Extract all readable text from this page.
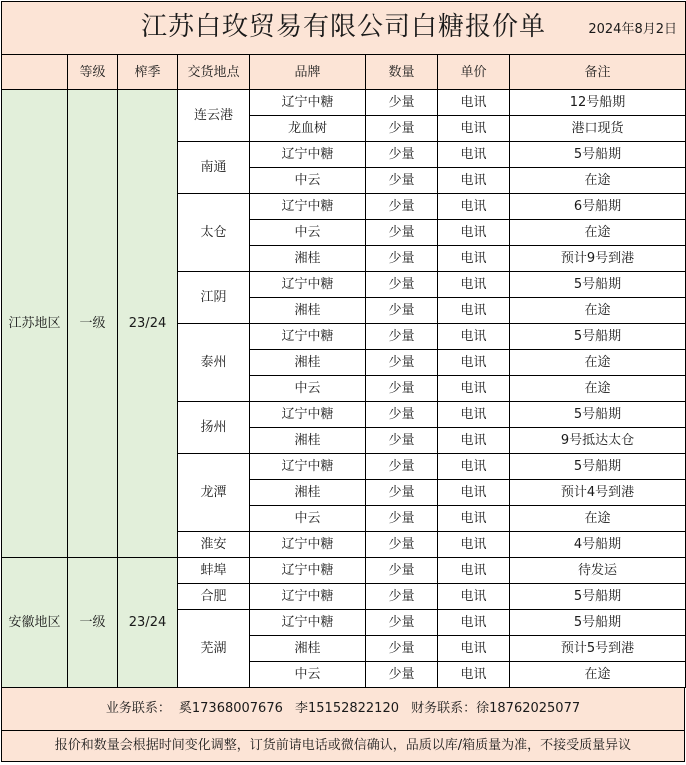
江苏白玫贸易有限公司白糖报价单 2024年8月2日							

	等级	榨季	交货地点	品牌	数量	单价	备注
江苏地区	一级	23/24	连云港	辽宁中糖	少量	电讯	12号船期
				龙血树	少量	电讯	港口现货
			南通	辽宁中糖	少量	电讯	5号船期
				中云	少量	电讯	在途
			太仓	辽宁中糖	少量	电讯	6号船期
				中云	少量	电讯	在途
				湘桂	少量	电讯	预计9号到港
			江阴	辽宁中糖	少量	电讯	5号船期
				湘桂	少量	电讯	在途
			泰州	辽宁中糖	少量	电讯	5号船期
				湘桂	少量	电讯	在途
				中云	少量	电讯	在途
			扬州	辽宁中糖	少量	电讯	5号船期
				湘桂	少量	电讯	9号抵达太仓
			龙潭	辽宁中糖	少量	电讯	5号船期
				湘桂	少量	电讯	预计4号到港
				中云	少量	电讯	在途
			淮安	辽宁中糖	少量	电讯	4号船期
安徽地区	一级	23/24	蚌埠	辽宁中糖	少量	电讯	待发运
			合肥	辽宁中糖	少量	电讯	5号船期
			芜湖	辽宁中糖	少量	电讯	5号船期
				湘桂	少量	电讯	预计5号到港
				中云	少量	电讯	在途
业务联系： 奚17368007676 李15152822120 财务联系：徐18762025077
报价和数量会根据时间变化调整，订货前请电话或微信确认，品质以库/箱质量为准，不接受质量异议
